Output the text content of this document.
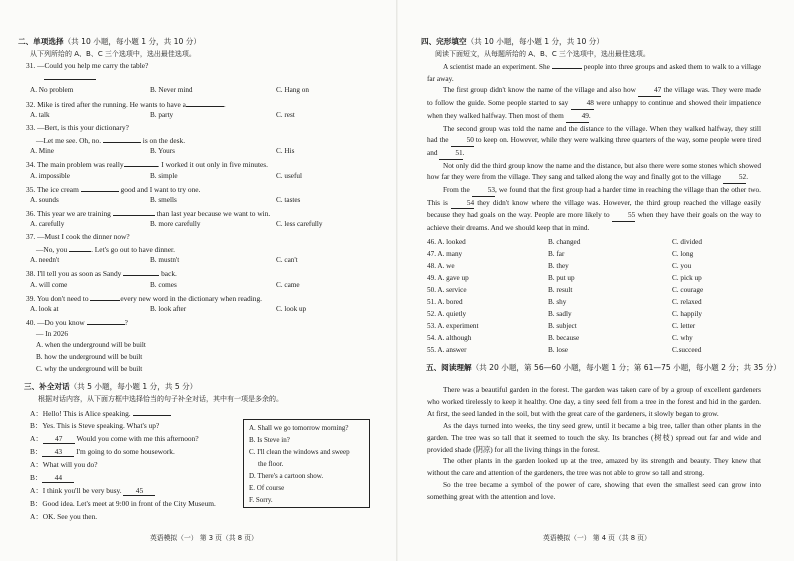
二、单项选择（共 10 小题，每小题 1 分，共 10 分）
从下列所给的 A、B、C 三个选项中，选出最佳选项。
31. —Could you help me carry the table?
A. No problem	B. Never mind	C. Hang on
32. Mike is tired after the running. He wants to have a	.
A. talk	B. party	C. rest
33. —Bert, is this your dictionary?
—Let me see. Oh, no.	is on the desk.
A. Mine	B. Yours	C. His
34. The main problem was really	. I worked it out only in five minutes.
A. impossible	B. simple	C. useful
35. The ice cream	good and I want to try one.
A. sounds	B. smells	C. tastes
36. This year we are training	than last year because we want to win.
A. carefully	B. more carefully	C. less carefully
37. —Must I cook the dinner now?
—No, you	. Let's go out to have dinner.
A. needn't	B. mustn't	C. can't
38. I'll tell you as soon as Sandy	back.
A. will come	B. comes	C. came
39. You don't need to	every new word in the dictionary when reading.
A. look at	B. look after	C. look up
40. —Do you know	?
— In 2026
A. when the underground will be built
B. how the underground will be built
C. why the underground will be built
三、补全对话（共 5 小题，每小题 1 分，共 5 分）
根据对话内容，从下面方框中选择恰当的句子补全对话，其中有一项是多余的。
A：Hello! This is Alice speaking.
B：Yes. This is Steve speaking. What's up?
A： 47 Would you come with me this afternoon?
B： 43 I'm going to do some housework.
A：What will you do?
B： 44
A：I think you'll be very busy. 45
B：Good idea. Let's meet at 9:00 in front of the City Museum.
A：OK. See you then.
A. Shall we go tomorrow morning?
B. Is Steve in?
C. I'll clean the windows and sweep
the floor.
D. There's a cartoon show.
E. Of course
F. Sorry.
英语模拟（一） 第 3 页（共 8 页）
四、完形填空（共 10 小题，每小题 1 分，共 10 分）
阅读下面短文，从每题所给的 A、B、C 三个选项中，选出最佳选项。
英语模拟（一） 第 4 页（共 8 页）

A scientist made an experiment. She	people into three groups and asked them to walk to a village far away.

The first group didn't know the name of the village and also how 47 the village was. They were made to follow the guide. Some people started to say 48 were unhappy to continue and showed their impatience when they walked halfway. Then most of them 49.

The second group was told the name and the distance to the village. When they walked halfway, they still had the 50 to keep on. However, while they were walking three quarters of the way, some people were tired and 51.

Not only did the third group know the name and the distance, but also there were some stones which showed how far they were from the village. They sang and talked along the way and finally got to the village 52.

From the 53, we found that the first group had a harder time in reaching the village than the other two. This is 54 they didn't know where the village was. However, the third group reached the village easily because they had goals on the way. People are more likely to 55 when they have their goals on the way to achieve their dreams. And we should keep that in mind.

46. A. looked	B. changed	C. divided
47. A. many	B. far	C. long
48. A. we	B. they	C. you
49. A. gave up	B. put up	C. pick up
50. A. service	B. result	C. courage
51. A. bored	B. shy	C. relaxed
52. A. quietly	B. sadly	C. happily
53. A. experiment	B. subject	C. letter
54. A. although	B. because	C. why
55. A. answer	B. lose	C.succeed
五、阅读理解（共 20 小题，第 56—60 小题，每小题 1 分；第 61—75 小题，每小题 2 分；共 35 分）

There was a beautiful garden in the forest. The garden was taken care of by a group of excellent gardeners who worked tirelessly to keep it healthy. One day, a tiny seed fell from a tree in the forest and hid in the garden. At first, the seed landed in the soil, but with the great care of the gardeners, it slowly began to grow.

As the days turned into weeks, the tiny seed grew, until it became a big tree, taller than other plants in the garden. The tree was so tall that it seemed to touch the sky. Its branches (树枝) spread out far and wide and provided shade (阴凉) for all the living things in the forest.

The other plants in the garden looked up at the tree, amazed by its strength and beauty. They knew that without the care and attention of the gardeners, the tree was not able to grow so tall and strong.

So the tree became a symbol of the power of care, showing that even the smallest seed can grow into something great with the attention and love.
